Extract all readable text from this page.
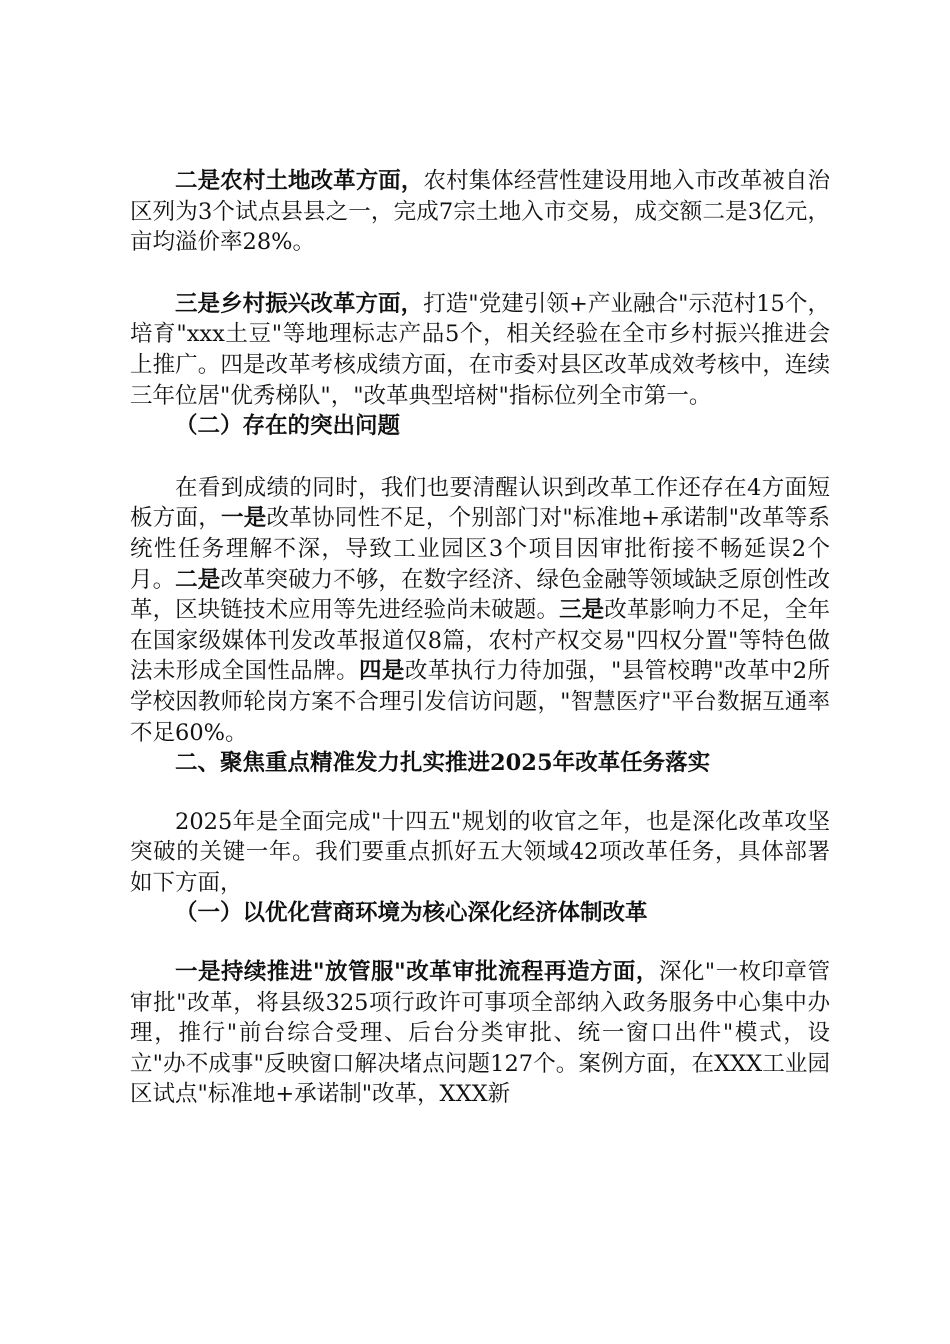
二是农村土地改革方面，农村集体经营性建设用地入市改革被自治区列为3个试点县县之一，完成7宗土地入市交易，成交额二是3亿元，亩均溢价率28%。

三是乡村振兴改革方面，打造"党建引领+产业融合"示范村15个，培育"xxx土豆"等地理标志产品5个，相关经验在全市乡村振兴推进会上推广。四是改革考核成绩方面，在市委对县区改革成效考核中，连续三年位居"优秀梯队"，"改革典型培树"指标位列全市第一。

（二）存在的突出问题

在看到成绩的同时，我们也要清醒认识到改革工作还存在4方面短板方面，一是改革协同性不足，个别部门对"标准地+承诺制"改革等系统性任务理解不深，导致工业园区3个项目因审批衔接不畅延误2个月。二是改革突破力不够，在数字经济、绿色金融等领域缺乏原创性改革，区块链技术应用等先进经验尚未破题。三是改革影响力不足，全年在国家级媒体刊发改革报道仅8篇，农村产权交易"四权分置"等特色做法未形成全国性品牌。四是改革执行力待加强，"县管校聘"改革中2所学校因教师轮岗方案不合理引发信访问题，"智慧医疗"平台数据互通率不足60%。

二、聚焦重点精准发力扎实推进2025年改革任务落实

2025年是全面完成"十四五"规划的收官之年，也是深化改革攻坚突破的关键一年。我们要重点抓好五大领域42项改革任务，具体部署如下方面，

（一）以优化营商环境为核心深化经济体制改革

一是持续推进"放管服"改革审批流程再造方面，深化"一枚印章管审批"改革，将县级325项行政许可事项全部纳入政务服务中心集中办理，推行"前台综合受理、后台分类审批、统一窗口出件"模式，设立"办不成事"反映窗口解决堵点问题127个。案例方面，在XXX工业园区试点"标准地+承诺制"改革，XXX新
